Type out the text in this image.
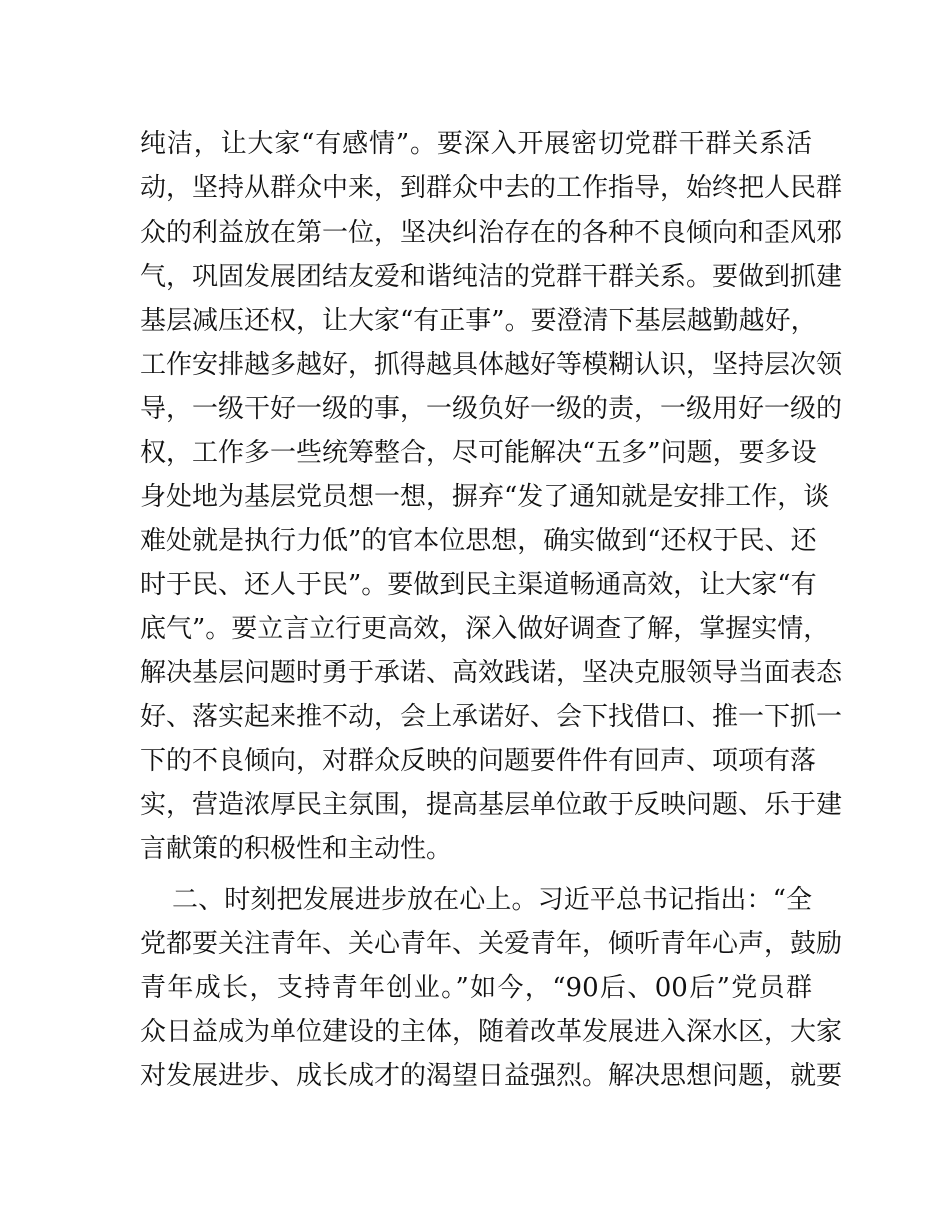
纯洁，让大家“有感情”。要深入开展密切党群干群关系活
动，坚持从群众中来，到群众中去的工作指导，始终把人民群
众的利益放在第一位，坚决纠治存在的各种不良倾向和歪风邪
气，巩固发展团结友爱和谐纯洁的党群干群关系。要做到抓建
基层减压还权，让大家“有正事”。要澄清下基层越勤越好，
工作安排越多越好，抓得越具体越好等模糊认识，坚持层次领
导，一级干好一级的事，一级负好一级的责，一级用好一级的
权，工作多一些统筹整合，尽可能解决“五多”问题，要多设
身处地为基层党员想一想，摒弃“发了通知就是安排工作，谈
难处就是执行力低”的官本位思想，确实做到“还权于民、还
时于民、还人于民”。要做到民主渠道畅通高效，让大家“有
底气”。要立言立行更高效，深入做好调查了解，掌握实情，
解决基层问题时勇于承诺、高效践诺，坚决克服领导当面表态
好、落实起来推不动，会上承诺好、会下找借口、推一下抓一
下的不良倾向，对群众反映的问题要件件有回声、项项有落
实，营造浓厚民主氛围，提高基层单位敢于反映问题、乐于建
言献策的积极性和主动性。
二、时刻把发展进步放在心上。习近平总书记指出：“全
党都要关注青年、关心青年、关爱青年，倾听青年心声，鼓励
青年成长，支持青年创业。”如今，“90后、00后”党员群
众日益成为单位建设的主体，随着改革发展进入深水区，大家
对发展进步、成长成才的渴望日益强烈。解决思想问题，就要
